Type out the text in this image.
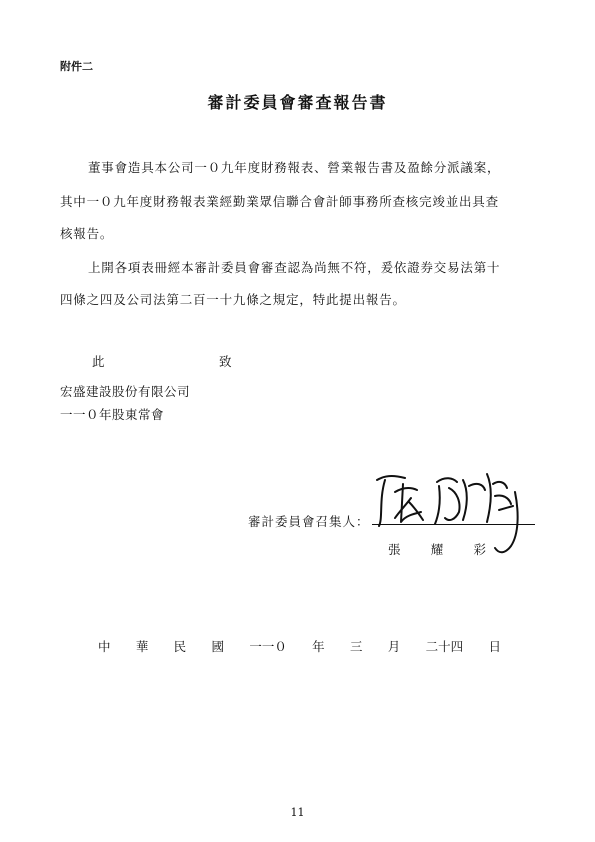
附件二
審計委員會審查報告書
董事會造具本公司一０九年度財務報表、營業報告書及盈餘分派議案，
其中一０九年度財務報表業經勤業眾信聯合會計師事務所查核完竣並出具查
核報告。
上開各項表冊經本審計委員會審查認為尚無不符，爰依證券交易法第十
四條之四及公司法第二百一十九條之規定，特此提出報告。
此	致
宏盛建設股份有限公司
一一０年股東常會
審計委員會召集人：
張 耀 彩
中 華 民 國 一一０ 年 三 月 二十四 日
11
